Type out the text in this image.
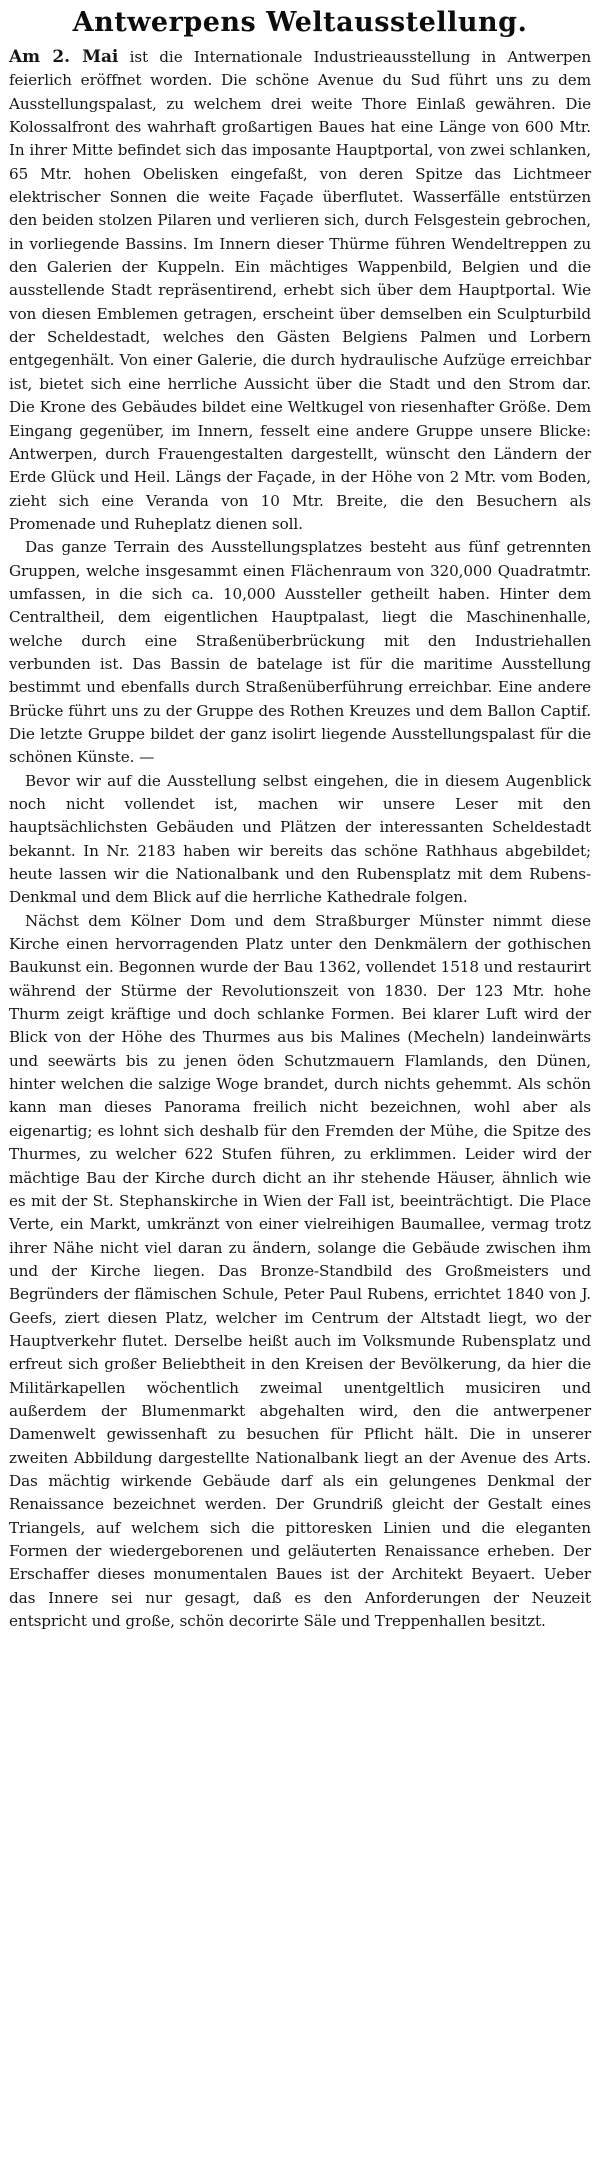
Antwerpens Weltausstellung.

Am 2. Mai ist die Internationale Industrieausstellung in Antwerpen feierlich eröffnet worden. Die schöne Avenue du Sud führt uns zu dem Ausstellungspalast, zu welchem drei weite Thore Einlaß gewähren. Die Kolossalfront des wahrhaft großartigen Baues hat eine Länge von 600 Mtr. In ihrer Mitte befindet sich das imposante Hauptportal, von zwei schlanken, 65 Mtr. hohen Obelisken eingefaßt, von deren Spitze das Lichtmeer elektrischer Sonnen die weite Façade überflutet. Wasserfälle entstürzen den beiden stolzen Pilaren und verlieren sich, durch Felsgestein gebrochen, in vorliegende Bassins. Im Innern dieser Thürme führen Wendeltreppen zu den Galerien der Kuppeln. Ein mächtiges Wappenbild, Belgien und die ausstellende Stadt repräsentirend, erhebt sich über dem Hauptportal. Wie von diesen Emblemen getragen, erscheint über demselben ein Sculpturbild der Scheldestadt, welches den Gästen Belgiens Palmen und Lorbern entgegenhält. Von einer Galerie, die durch hydraulische Aufzüge erreichbar ist, bietet sich eine herrliche Aussicht über die Stadt und den Strom dar. Die Krone des Gebäudes bildet eine Weltkugel von riesenhafter Größe. Dem Eingang gegenüber, im Innern, fesselt eine andere Gruppe unsere Blicke: Antwerpen, durch Frauengestalten dargestellt, wünscht den Ländern der Erde Glück und Heil. Längs der Façade, in der Höhe von 2 Mtr. vom Boden, zieht sich eine Veranda von 10 Mtr. Breite, die den Besuchern als Promenade und Ruheplatz dienen soll.

Das ganze Terrain des Ausstellungsplatzes besteht aus fünf getrennten Gruppen, welche insgesammt einen Flächenraum von 320,000 Quadratmtr. umfassen, in die sich ca. 10,000 Aussteller getheilt haben. Hinter dem Centraltheil, dem eigentlichen Hauptpalast, liegt die Maschinenhalle, welche durch eine Straßenüberbrückung mit den Industriehallen verbunden ist. Das Bassin de batelage ist für die maritime Ausstellung bestimmt und ebenfalls durch Straßenüberführung erreichbar. Eine andere Brücke führt uns zu der Gruppe des Rothen Kreuzes und dem Ballon Captif. Die letzte Gruppe bildet der ganz isolirt liegende Ausstellungspalast für die schönen Künste. —

Bevor wir auf die Ausstellung selbst eingehen, die in diesem Augenblick noch nicht vollendet ist, machen wir unsere Leser mit den hauptsächlichsten Gebäuden und Plätzen der interessanten Scheldestadt bekannt. In Nr. 2183 haben wir bereits das schöne Rathhaus abgebildet; heute lassen wir die Nationalbank und den Rubensplatz mit dem Rubens-Denkmal und dem Blick auf die herrliche Kathedrale folgen.

Nächst dem Kölner Dom und dem Straßburger Münster nimmt diese Kirche einen hervorragenden Platz unter den Denkmälern der gothischen Baukunst ein. Begonnen wurde der Bau 1362, vollendet 1518 und restaurirt während der Stürme der Revolutionszeit von 1830. Der 123 Mtr. hohe Thurm zeigt kräftige und doch schlanke Formen. Bei klarer Luft wird der Blick von der Höhe des Thurmes aus bis Malines (Mecheln) landeinwärts und seewärts bis zu jenen öden Schutzmauern Flamlands, den Dünen, hinter welchen die salzige Woge brandet, durch nichts gehemmt. Als schön kann man dieses Panorama freilich nicht bezeichnen, wohl aber als eigenartig; es lohnt sich deshalb für den Fremden der Mühe, die Spitze des Thurmes, zu welcher 622 Stufen führen, zu erklimmen. Leider wird der mächtige Bau der Kirche durch dicht an ihr stehende Häuser, ähnlich wie es mit der St. Stephanskirche in Wien der Fall ist, beeinträchtigt. Die Place Verte, ein Markt, umkränzt von einer vielreihigen Baumallee, vermag trotz ihrer Nähe nicht viel daran zu ändern, solange die Gebäude zwischen ihm und der Kirche liegen. Das Bronze-Standbild des Großmeisters und Begründers der flämischen Schule, Peter Paul Rubens, errichtet 1840 von J. Geefs, ziert diesen Platz, welcher im Centrum der Altstadt liegt, wo der Hauptverkehr flutet. Derselbe heißt auch im Volksmunde Rubensplatz und erfreut sich großer Beliebtheit in den Kreisen der Bevölkerung, da hier die Militärkapellen wöchentlich zweimal unentgeltlich musiciren und außerdem der Blumenmarkt abgehalten wird, den die antwerpener Damenwelt gewissenhaft zu besuchen für Pflicht hält. Die in unserer zweiten Abbildung dargestellte Nationalbank liegt an der Avenue des Arts. Das mächtig wirkende Gebäude darf als ein gelungenes Denkmal der Renaissance bezeichnet werden. Der Grundriß gleicht der Gestalt eines Triangels, auf welchem sich die pittoresken Linien und die eleganten Formen der wiedergeborenen und geläuterten Renaissance erheben. Der Erschaffer dieses monumentalen Baues ist der Architekt Beyaert. Ueber das Innere sei nur gesagt, daß es den Anforderungen der Neuzeit entspricht und große, schön decorirte Säle und Treppenhallen besitzt.
